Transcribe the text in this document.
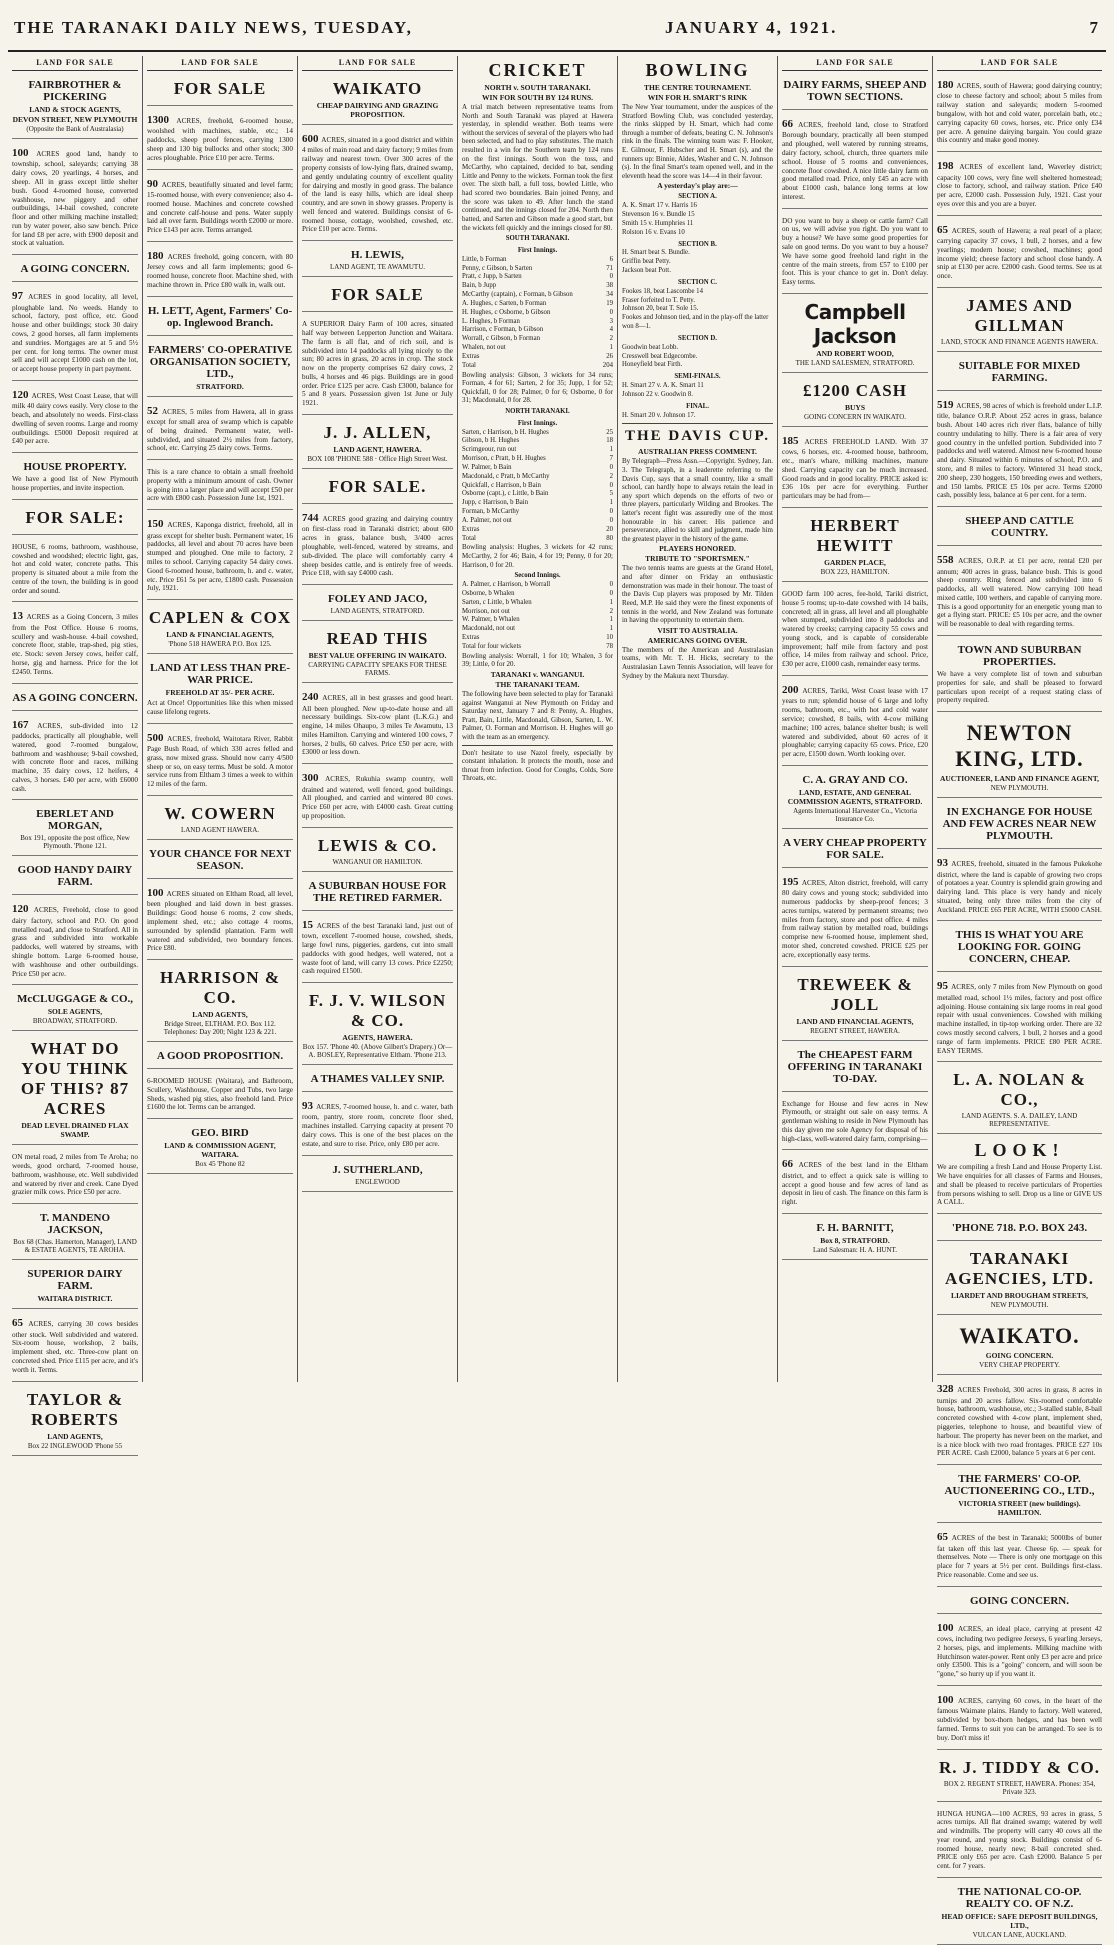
THE TARANAKI DAILY NEWS, TUESDAY,	JANUARY 4, 1921.	7
LAND FOR SALE
FAIRBROTHER & PICKERING
LAND & STOCK AGENTS,
DEVON STREET, NEW PLYMOUTH
(Opposite the Bank of Australasia)
100 ACRES good land, handy to township, school, saleyards; carrying 38 dairy cows, 20 yearlings, 4 horses, and sheep. All in grass except little shelter bush. Good 4-roomed house, converted washhouse, new piggery and other outbuildings, 14-bail cowshed, concrete floor and other milking machine installed; run by water power, also saw bench. Price for land £8 per acre, with £900 deposit and stock at valuation.
A GOING CONCERN.
97 ACRES in good locality, all level, ploughable land. No weeds. Handy to school, factory, post office, etc. Good house and other buildings; stock 30 dairy cows, 2 good horses, all farm implements and sundries. Mortgages are at 5 and 5½ per cent. for long terms. The owner must sell and will accept £1000 cash on the lot, or accept house property in part payment.
120 ACRES, West Coast Lease, that will milk 40 dairy cows easily. Very close to the beach, and absolutely no weeds. First-class dwelling of seven rooms. Large and roomy outbuildings. £5000 Deposit required at £40 per acre.
HOUSE PROPERTY.
We have a good list of New Plymouth house properties, and invite inspection.
FOR SALE:
HOUSE, 6 rooms, bathroom, washhouse, cowshed and woodshed; electric light, gas, hot and cold water, concrete paths. This property is situated about a mile from the centre of the town, the building is in good order and sound.
13 ACRES as a Going Concern, 3 miles from the Post Office. House 6 rooms, scullery and wash-house. 4-bail cowshed, concrete floor, stable, trap-shed, pig sties, etc. Stock: seven Jersey cows, heifer calf, horse, gig and harness. Price for the lot £2450. Terms.
AS A GOING CONCERN.
167 ACRES, sub-divided into 12 paddocks, practically all ploughable, well watered, good 7-roomed bungalow, bathroom and washhouse; 9-bail cowshed, with concrete floor and races, milking machine, 35 dairy cows, 12 heifers, 4 calves, 3 horses. £40 per acre, with £6000 cash.
EBERLET AND MORGAN,
Box 191, opposite the post office, New Plymouth. 'Phone 121.
GOOD HANDY DAIRY FARM.
120 ACRES, Freehold, close to good dairy factory, school and P.O. On good metalled road, and close to Stratford. All in grass and subdivided into workable paddocks, well watered by streams, with shingle bottom. Large 6-roomed house, with washhouse and other outbuildings. Price £50 per acre.
McCLUGGAGE & CO.,
SOLE AGENTS,
BROADWAY, STRATFORD.
WHAT DO YOU THINK OF THIS? 87 ACRES
DEAD LEVEL DRAINED FLAX SWAMP.
ON metal road, 2 miles from Te Aroha; no weeds, good orchard, 7-roomed house, bathroom, washhouse, etc. Well subdivided and watered by river and creek. Cane Dyed grazier milk cows. Price £50 per acre.
T. MANDENO JACKSON,
Box 68 (Chas. Hamerton, Manager), LAND & ESTATE AGENTS, TE AROHA.
SUPERIOR DAIRY FARM.
WAITARA DISTRICT.
65 ACRES, carrying 30 cows besides other stock. Well subdivided and watered. Six-room house, workshop, 2 bails, implement shed, etc. Three-cow plant on concreted shed. Price £115 per acre, and it's worth it. Terms.
TAYLOR & ROBERTS
LAND AGENTS,
Box 22 INGLEWOOD 'Phone 55
LAND FOR SALE
FOR SALE
1300 ACRES, freehold, 6-roomed house, woolshed with machines, stable, etc.; 14 paddocks, sheep proof fences, carrying 1300 sheep and 130 big bullocks and other stock; 300 acres ploughable. Price £10 per acre. Terms.
90 ACRES, beautifully situated and level farm; 15-roomed house, with every convenience; also 4-roomed house. Machines and concrete cowshed and concrete calf-house and pens. Water supply laid all over farm. Buildings worth £2000 or more. Price £143 per acre. Terms arranged.
180 ACRES freehold, going concern, with 80 Jersey cows and all farm implements; good 6-roomed house, concrete floor. Machine shed, with machine thrown in. Price £80 walk in, walk out.
H. LETT, Agent, Farmers' Co-op. Inglewood Branch.
FARMERS' CO-OPERATIVE ORGANISATION SOCIETY, LTD.,
STRATFORD.
52 ACRES, 5 miles from Hawera, all in grass except for small area of swamp which is capable of being drained. Permanent water, well-subdivided, and situated 2½ miles from factory, school, etc. Carrying 25 dairy cows. Terms.
This is a rare chance to obtain a small freehold property with a minimum amount of cash. Owner is going into a larger place and will accept £50 per acre with £800 cash. Possession June 1st, 1921.
150 ACRES, Kaponga district, freehold, all in grass except for shelter bush. Permanent water, 16 paddocks, all level and about 70 acres have been stumped and ploughed. One mile to factory, 2 miles to school. Carrying capacity 54 dairy cows. Good 6-roomed house, bathroom, h. and c. water, etc. Price £61 5s per acre, £1800 cash. Possession July, 1921.
CAPLEN & COX
LAND & FINANCIAL AGENTS,
'Phone 518 HAWERA P.O. Box 125.
LAND AT LESS THAN PRE-WAR PRICE.
FREEHOLD AT 35/- PER ACRE.
Act at Once! Opportunities like this when missed cause lifelong regrets.
500 ACRES, freehold, Waitotara River, Rabbit Page Bush Road, of which 330 acres felled and grass, now mixed grass. Should now carry 4/500 sheep or so, on easy terms. Must be sold. A motor service runs from Eltham 3 times a week to within 12 miles of the farm.
W. COWERN
LAND AGENT HAWERA.
YOUR CHANCE FOR NEXT SEASON.
100 ACRES situated on Eltham Road, all level, been ploughed and laid down in best grasses. Buildings: Good house 6 rooms, 2 cow sheds, implement shed, etc.; also cottage 4 rooms, surrounded by splendid plantation. Farm well watered and subdivided, two boundary fences. Price £80.
HARRISON & CO.
LAND AGENTS,
Bridge Street, ELTHAM. P.O. Box 112. Telephones: Day 200; Night 123 & 221.
A GOOD PROPOSITION.
6-ROOMED HOUSE (Waitara), and Bathroom, Scullery, Washhouse, Copper and Tubs, two large Sheds, washed pig sties, also freehold land. Price £1600 the lot. Terms can be arranged.
GEO. BIRD
LAND & COMMISSION AGENT, WAITARA.
Box 45 'Phone 82
LAND FOR SALE
WAIKATO
CHEAP DAIRYING AND GRAZING PROPOSITION.
600 ACRES, situated in a good district and within 4 miles of main road and dairy factory; 9 miles from railway and nearest town. Over 300 acres of the property consists of low-lying flats, drained swamp, and gently undulating country of excellent quality for dairying and mostly in good grass. The balance of the land is easy hills, which are ideal sheep country, and are sown in showy grasses. Property is well fenced and watered. Buildings consist of 6-roomed house, cottage, woolshed, cowshed, etc. Price £10 per acre. Terms.
H. LEWIS,
LAND AGENT, TE AWAMUTU.
FOR SALE
A SUPERIOR Dairy Farm of 100 acres, situated half way between Lepperton Junction and Waitara. The farm is all flat, and of rich soil, and is subdivided into 14 paddocks all lying nicely to the sun; 80 acres in grass, 20 acres in crop. The stock now on the property comprises 62 dairy cows, 2 bulls, 4 horses and 46 pigs. Buildings are in good order. Price £125 per acre. Cash £3000, balance for 5 and 8 years. Possession given 1st June or July 1921.
J. J. ALLEN,
LAND AGENT, HAWERA.
BOX 108 'PHONE 588 · Office High Street West.
FOR SALE.
744 ACRES good grazing and dairying country on first-class road in Taranaki district; about 600 acres in grass, balance bush, 3/400 acres ploughable, well-fenced, watered by streams, and sub-divided. The place will comfortably carry 4 sheep besides cattle, and is entirely free of weeds. Price £18, with say £4000 cash.
FOLEY AND JACO,
LAND AGENTS, STRATFORD.
READ THIS
BEST VALUE OFFERING IN WAIKATO.
CARRYING CAPACITY SPEAKS FOR THESE FARMS.
240 ACRES, all in best grasses and good heart. All been ploughed. New up-to-date house and all necessary buildings. Six-cow plant (L.K.G.) and engine, 14 miles Ohaupo, 3 miles Te Awamutu, 13 miles Hamilton. Carrying and wintered 100 cows, 7 horses, 2 bulls, 60 calves. Price £50 per acre, with £3000 or less down.
300 ACRES, Rukuhia swamp country, well drained and watered, well fenced, good buildings. All ploughed, and carried and wintered 80 cows. Price £60 per acre, with £4000 cash. Great cutting up proposition.
LEWIS & CO.
WANGANUI OR HAMILTON.
A SUBURBAN HOUSE FOR THE RETIRED FARMER.
15 ACRES of the best Taranaki land, just out of town, excellent 7-roomed house, cowshed, sheds, large fowl runs, piggeries, gardens, cut into small paddocks with good hedges, well watered, not a waste foot of land, will carry 13 cows. Price £2250; cash required £1500.
F. J. V. WILSON & CO.
AGENTS, HAWERA.
Box 157. 'Phone 40. (Above Gilbert's Drapery.) Or— A. BOSLEY, Representative Eltham. 'Phone 213.
A THAMES VALLEY SNIP.
93 ACRES, 7-roomed house, h. and c. water, bath room, pantry, store room, concrete floor shed, machines installed. Carrying capacity at present 70 dairy cows. This is one of the best places on the estate, and sure to rise. Price, only £80 per acre.
J. SUTHERLAND,
ENGLEWOOD
CRICKET
NORTH v. SOUTH TARANAKI.
WIN FOR SOUTH BY 124 RUNS.
A trial match between representative teams from North and South Taranaki was played at Hawera yesterday, in splendid weather. Both teams were without the services of several of the players who had been selected, and had to play substitutes. The match resulted in a win for the Southern team by 124 runs on the first innings. South won the toss, and McCarthy, who captained, decided to bat, sending Little and Penny to the wickets. Forman took the first over. The sixth ball, a full toss, bowled Little, who had scored two boundaries. Bain joined Penny, and the score was taken to 49. After lunch the stand continued, and the innings closed for 204. North then batted, and Sarten and Gibson made a good start, but the wickets fell quickly and the innings closed for 80.
SOUTH TARANAKI.
First Innings.
Little, b Forman	6
Penny, c Gibson, b Sarten	71
Pratt, c Jupp, b Sarten	0
Bain, b Jupp	38
McCarthy (captain), c Forman, b Gibson	34
A. Hughes, c Sarten, b Forman	19
H. Hughes, c Osborne, b Gibson	0
L. Hughes, b Forman	3
Harrison, c Forman, b Gibson	4
Worrall, c Gibson, b Forman	2
Whalen, not out	1
Extras	26
Total	204
Bowling analysis: Gibson, 3 wickets for 34 runs; Forman, 4 for 61; Sarten, 2 for 35; Jupp, 1 for 52; Quickfall, 0 for 28; Palmer, 0 for 6; Osborne, 0 for 31; Macdonald, 0 for 28.
NORTH TARANAKI.
First Innings.
Sarten, c Harrison, b H. Hughes	25
Gibson, b H. Hughes	18
Scrimgeour, run out	1
Morrison, c Pratt, b H. Hughes	7
W. Palmer, b Bain	0
Macdonald, c Pratt, b McCarthy	2
Quickfall, c Harrison, b Bain	0
Osborne (capt.), c Little, b Bain	5
Jupp, c Harrison, b Bain	1
Forman, b McCarthy	0
A. Palmer, not out	0
Extras	20
Total	80
Bowling analysis: Hughes, 3 wickets for 42 runs; McCarthy, 2 for 46; Bain, 4 for 19; Penny, 0 for 20; Harrison, 0 for 20.
Second Innings.
A. Palmer, c Harrison, b Worrall	0
Osborne, b Whalen	0
Sarten, c Little, b Whalen	1
Morrison, not out	2
W. Palmer, b Whalen	1
Macdonald, not out	1
Extras	10
Total for four wickets	78
Bowling analysis: Worrall, 1 for 10; Whalen, 3 for 39; Little, 0 for 20.
TARANAKI v. WANGANUI.
THE TARANAKI TEAM.
The following have been selected to play for Taranaki against Wanganui at New Plymouth on Friday and Saturday next, January 7 and 8: Penny, A. Hughes, Pratt, Bain, Little, Macdonald, Gibson, Sarten, L. W. Palmer, O. Forman and Morrison. H. Hughes will go with the team as an emergency.
Don't hesitate to use Nazol freely, especially by constant inhalation. It protects the mouth, nose and throat from infection. Good for Coughs, Colds, Sore Throats, etc.
BOWLING
THE CENTRE TOURNAMENT.
WIN FOR H. SMART'S RINK
The New Year tournament, under the auspices of the Stratford Bowling Club, was concluded yesterday, the rinks skipped by H. Smart, which had come through a number of defeats, beating C. N. Johnson's rink in the finals. The winning team was: F. Hooker, E. Gilmour, F. Hubscher and H. Smart (s), and the runners up: Binnie, Aldes, Washer and C. N. Johnson (s). In the final Smart's team opened well, and in the eleventh head the score was 14—4 in their favour.
A yesterday's play are:—
SECTION A.
A. K. Smart 17 v. Harris 16
Stevenson 16 v. Bundle 15
Smith 15 v. Humphries 11
Rolston 16 v. Evans 10
SECTION B.
H. Smart beat S. Bundle.
Griffin beat Petty.
Jackson beat Pott.
SECTION C.
Fookes 18, beat Lascombe 14
Fraser forfeited to T. Petty.
Johnson 20, beat T. Sole 15.
Fookes and Johnson tied, and in the play-off the latter won 8—1.
SECTION D.
Goodwin beat Lobb.
Cresswell beat Edgecombe.
Honeyfield beat Firth.
SEMI-FINALS.
H. Smart 27 v. A. K. Smart 11
Johnson 22 v. Goodwin 8.
FINAL.
H. Smart 20 v. Johnson 17.
THE DAVIS CUP.
AUSTRALIAN PRESS COMMENT.
By Telegraph—Press Assn.—Copyright. Sydney, Jan. 3. The Telegraph, in a leaderette referring to the Davis Cup, says that a small country, like a small school, can hardly hope to always retain the lead in any sport which depends on the efforts of two or three players, particularly Wilding and Brookes. The latter's recent fight was assuredly one of the most honourable in his career. His patience and perseverance, allied to skill and judgment, made him the greatest player in the history of the game.
PLAYERS HONORED.
TRIBUTE TO "SPORTSMEN."
The two tennis teams are guests at the Grand Hotel, and after dinner on Friday an enthusiastic demonstration was made in their honour. The toast of the Davis Cup players was proposed by Mr. Tilden Reed, M.P. He said they were the finest exponents of tennis in the world, and New Zealand was fortunate in having the opportunity to entertain them.
VISIT TO AUSTRALIA.
AMERICANS GOING OVER.
The members of the American and Australasian teams, with Mr. T. H. Hicks, secretary to the Australasian Lawn Tennis Association, will leave for Sydney by the Makura next Thursday.
LAND FOR SALE
DAIRY FARMS, SHEEP AND TOWN SECTIONS.
66 ACRES, freehold land, close to Stratford Borough boundary, practically all been stumped and ploughed, well watered by running streams, dairy factory, school, church, three quarters mile school. House of 5 rooms and conveniences, concrete floor cowshed. A nice little dairy farm on good metalled road. Price, only £45 an acre with about £1000 cash, balance long terms at low interest.
DO you want to buy a sheep or cattle farm? Call on us, we will advise you right. Do you want to buy a house? We have some good properties for sale on good terms. Do you want to buy a house? We have some good freehold land right in the centre of the main streets, from £57 to £100 per foot. This is your chance to get in. Don't delay. Easy terms.
Campbell Jackson
AND ROBERT WOOD,
THE LAND SALESMEN, STRATFORD.
£1200 CASH
BUYS
GOING CONCERN IN WAIKATO.
185 ACRES FREEHOLD LAND. With 37 cows, 6 horses, etc. 4-roomed house, bathroom, etc., man's whare, milking machines, manure shed. Carrying capacity can be much increased. Good roads and in good locality. PRICE asked is: £36 10s per acre for everything. Further particulars may be had from—
HERBERT HEWITT
GARDEN PLACE,
BOX 223, HAMILTON.
GOOD farm 100 acres, fee-hold, Tariki district, house 5 rooms; up-to-date cowshed with 14 bails, concreted; all in grass, all level and all ploughable when stumped, subdivided into 8 paddocks and watered by creeks; carrying capacity 55 cows and young stock, and is capable of considerable improvement; half mile from factory and post office, 14 miles from railway and school. Price, £30 per acre, £1000 cash, remainder easy terms.
200 ACRES, Tariki, West Coast lease with 17 years to run; splendid house of 6 large and lofty rooms, bathroom, etc., with hot and cold water service; cowshed, 8 bails, with 4-cow milking machine; 100 acres, balance shelter bush; is well watered and subdivided, about 60 acres of it ploughable; carrying capacity 65 cows. Price, £20 per acre, £1500 down. Worth looking over.
C. A. GRAY AND CO.
LAND, ESTATE, AND GENERAL COMMISSION AGENTS, STRATFORD.
Agents International Harvester Co., Victoria Insurance Co.
A VERY CHEAP PROPERTY FOR SALE.
195 ACRES, Alton district, freehold, will carry 80 dairy cows and young stock; subdivided into numerous paddocks by sheep-proof fences; 3 acres turnips, watered by permanent streams; two miles from factory, store and post office. 4 miles from railway station by metalled road, buildings comprise new 6-roomed house, implement shed, motor shed, concreted cowshed. PRICE £25 per acre, exceptionally easy terms.
TREWEEK & JOLL
LAND AND FINANCIAL AGENTS,
REGENT STREET, HAWERA.
The CHEAPEST FARM OFFERING IN TARANAKI TO-DAY.
Exchange for House and few acres in New Plymouth, or straight out sale on easy terms. A gentleman wishing to reside in New Plymouth has this day given me sole Agency for disposal of his high-class, well-watered dairy farm, comprising—
66 ACRES of the best land in the Eltham district, and to effect a quick sale is willing to accept a good house and few acres of land as deposit in lieu of cash. The finance on this farm is right.
F. H. BARNITT,
Box 8, STRATFORD.
Land Salesman: H. A. HUNT.
LAND FOR SALE
180 ACRES, south of Hawera; good dairying country; close to cheese factory and school; about 5 miles from railway station and saleyards; modern 5-roomed bungalow, with hot and cold water, porcelain bath, etc.; carrying capacity 60 cows, horses, etc. Price only £34 per acre. A genuine dairying bargain. You could graze this country and make good money.
198 ACRES of excellent land, Waverley district; capacity 100 cows, very fine well sheltered homestead; close to factory, school, and railway station. Price £40 per acre, £2000 cash. Possession July, 1921. Cast your eyes over this and you are a buyer.
65 ACRES, south of Hawera; a real pearl of a place; carrying capacity 37 cows, 1 bull, 2 horses, and a few yearlings; modern house; cowshed, machines; good income yield; cheese factory and school close handy. A snip at £130 per acre. £2000 cash. Good terms. See us at once.
JAMES AND GILLMAN
LAND, STOCK AND FINANCE AGENTS HAWERA.
SUITABLE FOR MIXED FARMING.
519 ACRES, 98 acres of which is freehold under L.I.P. title, balance O.R.P. About 252 acres in grass, balance bush. About 140 acres rich river flats, balance of hilly country undulating to hilly. There is a fair area of very good country in the unfelled portion. Subdivided into 7 paddocks and well watered. Almost new 6-roomed house and dairy. Situated within 6 minutes of school, P.O. and store, and 8 miles to factory. Wintered 31 head stock, 200 sheep, 230 hoggets, 150 breeding ewes and wethers, and 150 lambs. PRICE £5 10s per acre. Terms £2000 cash, possibly less, balance at 6 per cent. for a term.
SHEEP AND CATTLE COUNTRY.
558 ACRES, O.R.P. at £1 per acre, rental £20 per annum; 400 acres in grass, balance bush. This is good sheep country. Ring fenced and subdivided into 6 paddocks, all well watered. Now carrying 100 head mixed cattle, 100 wethers, and capable of carrying more. This is a good opportunity for an energetic young man to get a flying start. PRICE: £5 10s per acre, and the owner will be reasonable to deal with regarding terms.
TOWN AND SUBURBAN PROPERTIES.
We have a very complete list of town and suburban properties for sale, and shall be pleased to forward particulars upon receipt of a request stating class of property required.
NEWTON KING, LTD.
AUCTIONEER, LAND AND FINANCE AGENT,
NEW PLYMOUTH.
IN EXCHANGE FOR HOUSE AND FEW ACRES NEAR NEW PLYMOUTH.
93 ACRES, freehold, situated in the famous Pukekohe district, where the land is capable of growing two crops of potatoes a year. Country is splendid grain growing and dairying land. This place is very handy and nicely situated, being only three miles from the city of Auckland. PRICE £65 PER ACRE, WITH £5000 CASH.
THIS IS WHAT YOU ARE LOOKING FOR. GOING CONCERN, CHEAP.
95 ACRES, only 7 miles from New Plymouth on good metalled road, school 1½ miles, factory and post office adjoining. House containing six large rooms in real good repair with usual conveniences. Cowshed with milking machine installed, in tip-top working order. There are 32 cows mostly second calvers, 1 bull, 2 horses and a good range of farm implements. PRICE £80 PER ACRE. EASY TERMS.
L. A. NOLAN & CO.,
LAND AGENTS. S. A. DAILEY, LAND REPRESENTATIVE.
LOOK!
We are compiling a fresh Land and House Property List. We have enquiries for all classes of Farms and Houses, and shall be pleased to receive particulars of Properties from persons wishing to sell. Drop us a line or GIVE US A CALL.
'PHONE 718. P.O. BOX 243.
TARANAKI AGENCIES, LTD.
LIARDET AND BROUGHAM STREETS,
NEW PLYMOUTH.
WAIKATO.
GOING CONCERN.
VERY CHEAP PROPERTY.
328 ACRES Freehold, 300 acres in grass, 8 acres in turnips and 20 acres fallow. Six-roomed comfortable house, bathroom, washhouse, etc.; 3-stalled stable, 8-bail concreted cowshed with 4-cow plant, implement shed, piggeries, telephone to house, and beautiful view of harbour. The property has never been on the market, and is a nice block with two road frontages. PRICE £27 10s PER ACRE. Cash £2000, balance 5 years at 6 per cent.
THE FARMERS' CO-OP. AUCTIONEERING CO., LTD.,
VICTORIA STREET (new buildings). HAMILTON.
65 ACRES of the best in Taranaki; 5000lbs of butter fat taken off this last year. Cheese 6p. — speak for themselves. Note — There is only one mortgage on this place for 7 years at 5½ per cent. Buildings first-class. Price reasonable. Come and see us.
GOING CONCERN.
100 ACRES, an ideal place, carrying at present 42 cows, including two pedigree Jerseys, 6 yearling Jerseys, 2 horses, pigs, and implements. Milking machine with Hutchinson water-power. Rent only £3 per acre and price only £3500. This is a "going" concern, and will soon be "gone," so hurry up if you want it.
100 ACRES, carrying 60 cows, in the heart of the famous Waimate plains. Handy to factory. Well watered, subdivided by box-thorn hedges, and has been well farmed. Terms to suit you can be arranged. To see is to buy. Don't miss it!
R. J. TIDDY & CO.
BOX 2. REGENT STREET, HAWERA. Phones: 354, Private 323.
HUNGA HUNGA—100 ACRES, 93 acres in grass, 5 acres turnips. All flat drained swamp; watered by well and windmills. The property will carry 40 cows all the year round, and young stock. Buildings consist of 6-roomed house, nearly new; 8-bail concreted shed. PRICE only £65 per acre. Cash £2000. Balance 5 per cent. for 7 years.
THE NATIONAL CO-OP. REALTY CO. OF N.Z.
HEAD OFFICE: SAFE DEPOSIT BUILDINGS, LTD.,
VULCAN LANE, AUCKLAND.
